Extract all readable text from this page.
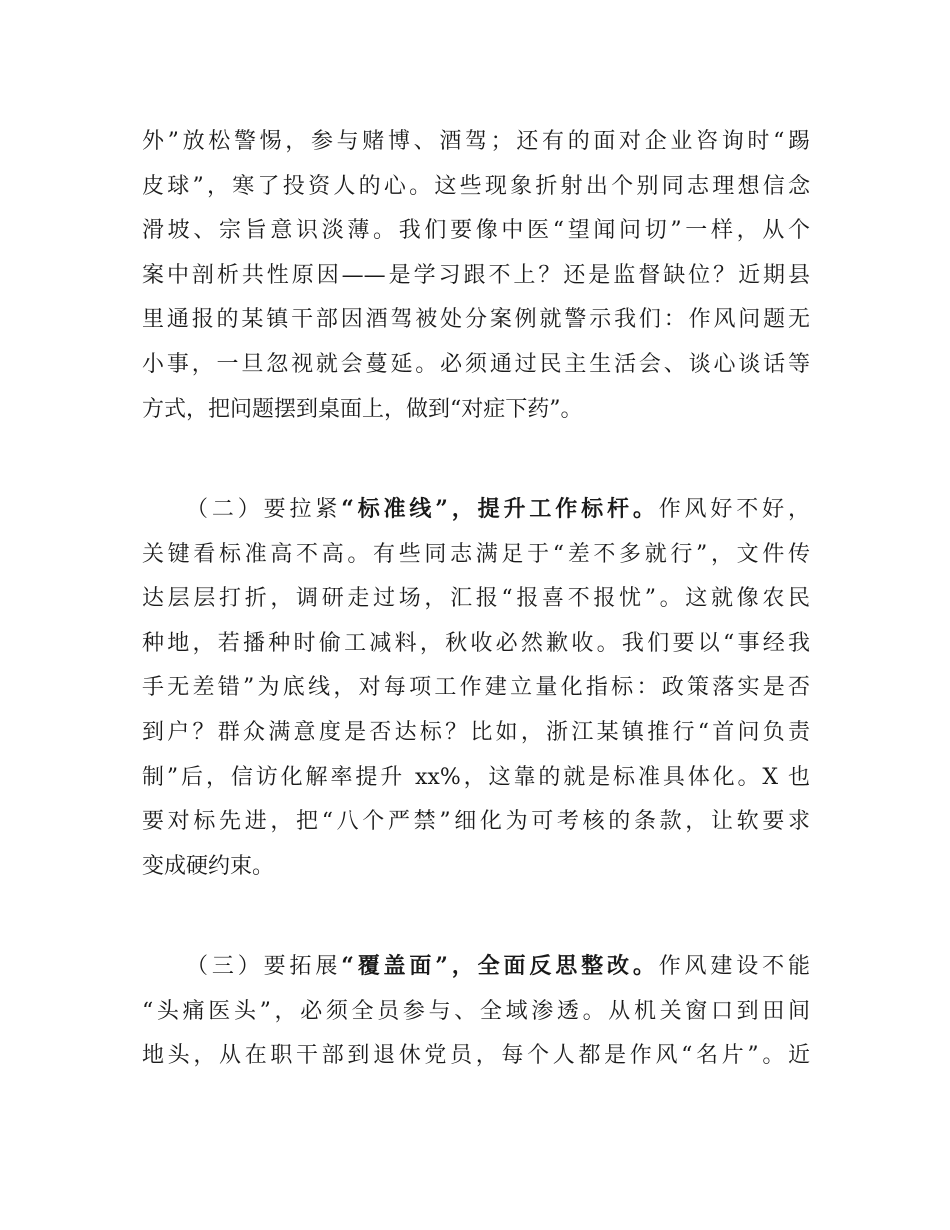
外”放松警惕，参与赌博、酒驾；还有的面对企业咨询时“踢
皮球”，寒了投资人的心。这些现象折射出个别同志理想信念
滑坡、宗旨意识淡薄。我们要像中医“望闻问切”一样，从个
案中剖析共性原因——是学习跟不上？还是监督缺位？近期县
里通报的某镇干部因酒驾被处分案例就警示我们：作风问题无
小事，一旦忽视就会蔓延。必须通过民主生活会、谈心谈话等
方式，把问题摆到桌面上，做到“对症下药”。
（二）要拉紧“标准线”，提升工作标杆。作风好不好，
关键看标准高不高。有些同志满足于“差不多就行”，文件传
达层层打折，调研走过场，汇报“报喜不报忧”。这就像农民
种地，若播种时偷工减料，秋收必然歉收。我们要以“事经我
手无差错”为底线，对每项工作建立量化指标：政策落实是否
到户？群众满意度是否达标？比如，浙江某镇推行“首问负责
制”后，信访化解率提升 xx%，这靠的就是标准具体化。X 也
要对标先进，把“八个严禁”细化为可考核的条款，让软要求
变成硬约束。
（三）要拓展“覆盖面”，全面反思整改。作风建设不能
“头痛医头”，必须全员参与、全域渗透。从机关窗口到田间
地头，从在职干部到退休党员，每个人都是作风“名片”。近
